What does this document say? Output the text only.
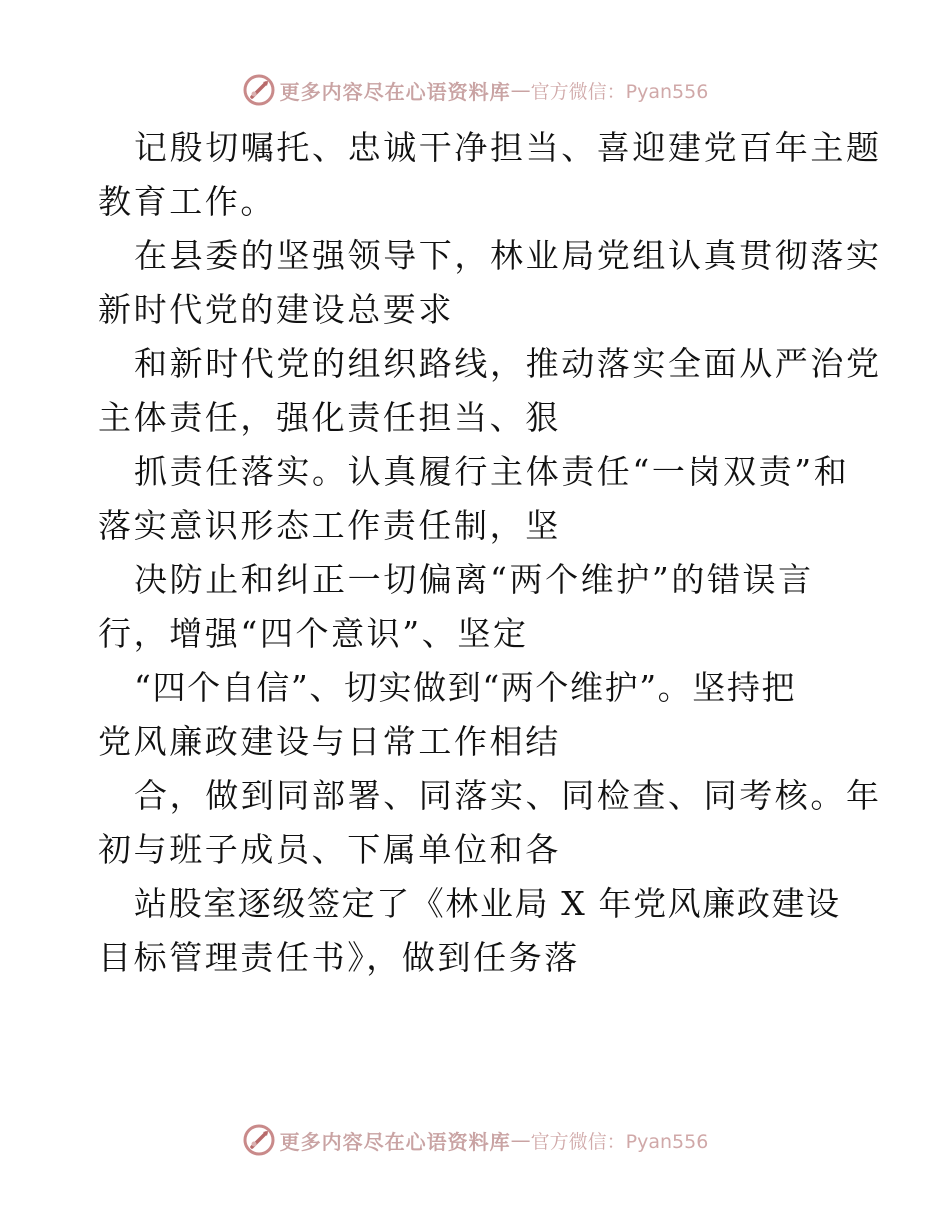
更多内容尽在心语资料库 — 官方微信：Pyan556
记殷切嘱托、忠诚干净担当、喜迎建党百年主题
教育工作。
在县委的坚强领导下，林业局党组认真贯彻落实
新时代党的建设总要求
和新时代党的组织路线，推动落实全面从严治党
主体责任，强化责任担当、狠
抓责任落实。认真履行主体责任“一岗双责”和
落实意识形态工作责任制，坚
决防止和纠正一切偏离“两个维护”的错误言
行，增强“四个意识”、坚定
“四个自信”、切实做到“两个维护”。坚持把
党风廉政建设与日常工作相结
合，做到同部署、同落实、同检查、同考核。年
初与班子成员、下属单位和各
站股室逐级签定了《林业局 X 年党风廉政建设
目标管理责任书》，做到任务落
更多内容尽在心语资料库 — 官方微信：Pyan556
